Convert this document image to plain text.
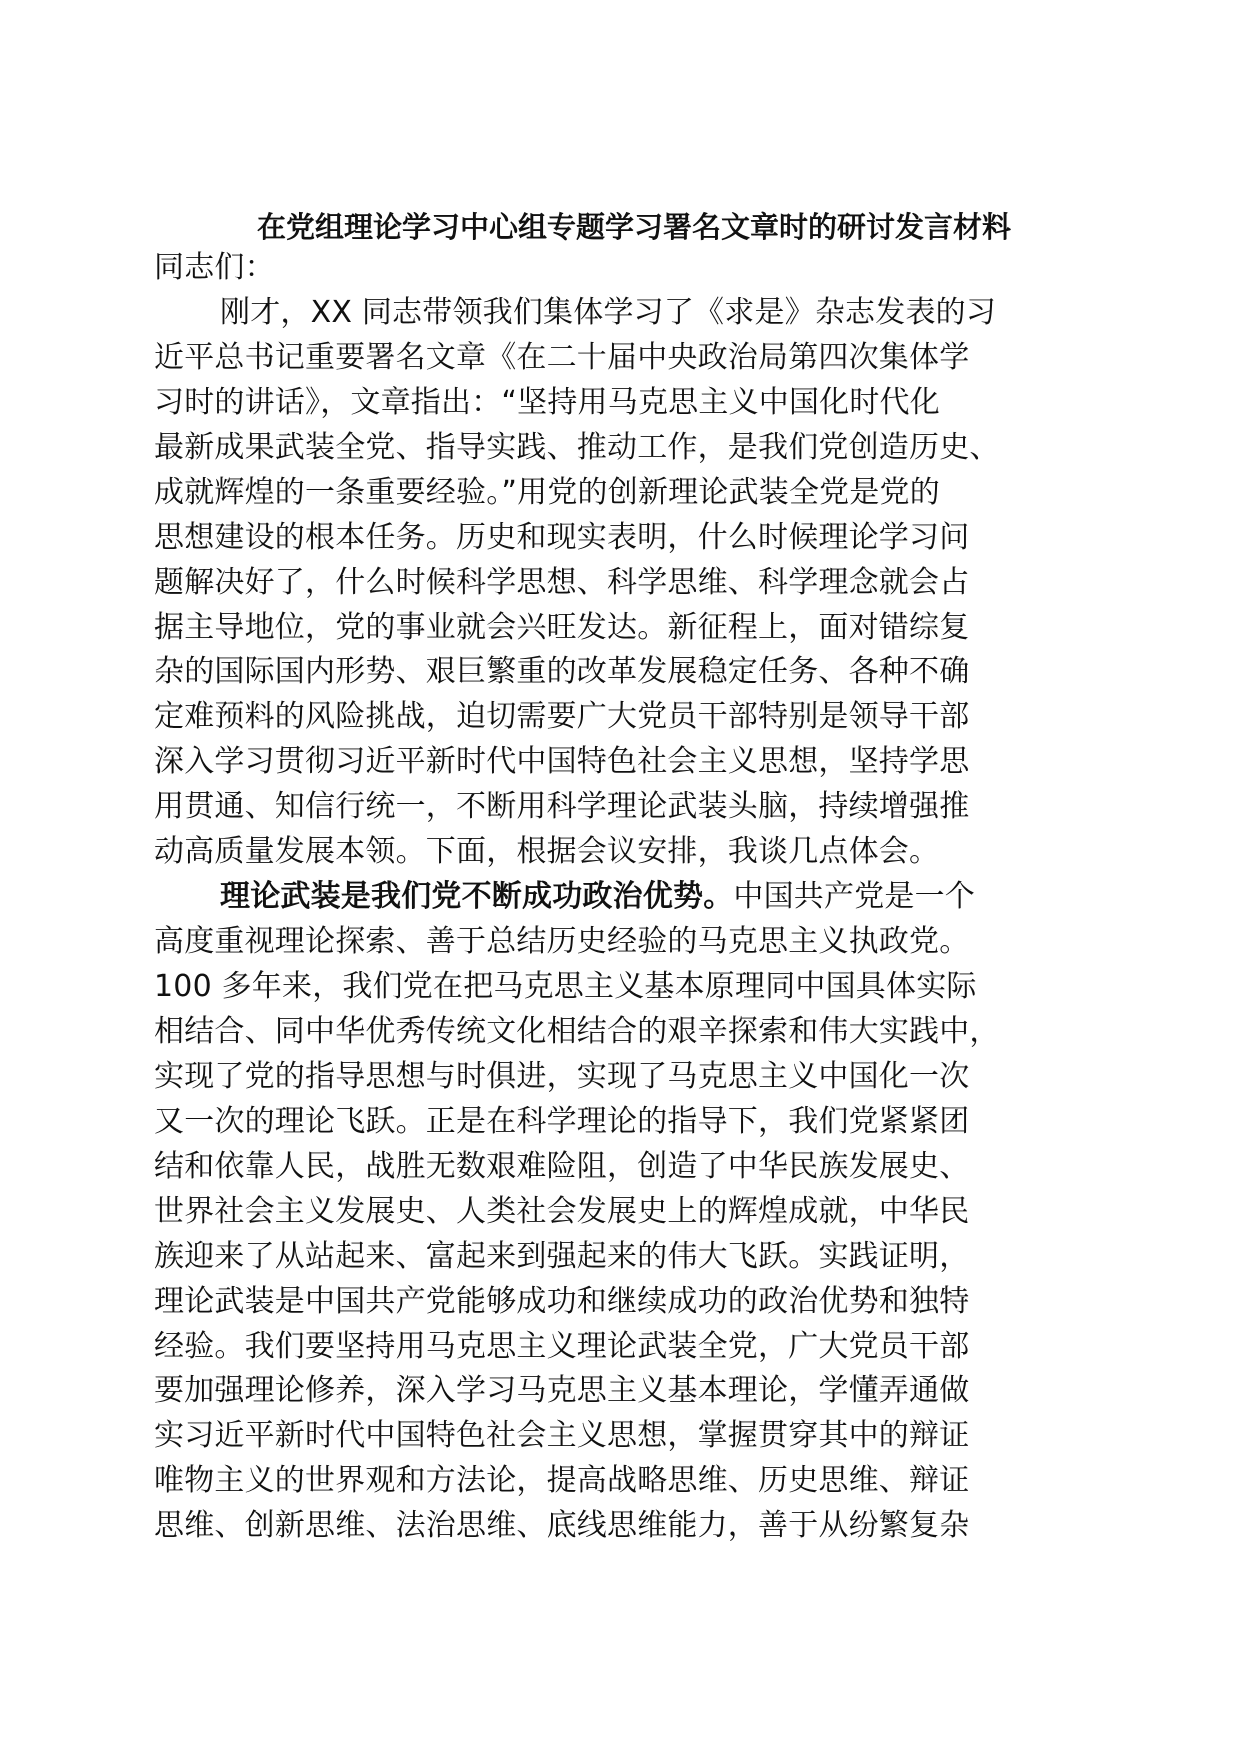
在党组理论学习中心组专题学习署名文章时的研讨发言材料
同志们：
刚才，XX 同志带领我们集体学习了《求是》杂志发表的习
近平总书记重要署名文章《在二十届中央政治局第四次集体学
习时的讲话》，文章指出：“坚持用马克思主义中国化时代化
最新成果武装全党、指导实践、推动工作，是我们党创造历史、
成就辉煌的一条重要经验。”用党的创新理论武装全党是党的
思想建设的根本任务。历史和现实表明，什么时候理论学习问
题解决好了，什么时候科学思想、科学思维、科学理念就会占
据主导地位，党的事业就会兴旺发达。新征程上，面对错综复
杂的国际国内形势、艰巨繁重的改革发展稳定任务、各种不确
定难预料的风险挑战，迫切需要广大党员干部特别是领导干部
深入学习贯彻习近平新时代中国特色社会主义思想，坚持学思
用贯通、知信行统一，不断用科学理论武装头脑，持续增强推
动高质量发展本领。下面，根据会议安排，我谈几点体会。
理论武装是我们党不断成功政治优势。中国共产党是一个
高度重视理论探索、善于总结历史经验的马克思主义执政党。
100 多年来，我们党在把马克思主义基本原理同中国具体实际
相结合、同中华优秀传统文化相结合的艰辛探索和伟大实践中，
实现了党的指导思想与时俱进，实现了马克思主义中国化一次
又一次的理论飞跃。正是在科学理论的指导下，我们党紧紧团
结和依靠人民，战胜无数艰难险阻，创造了中华民族发展史、
世界社会主义发展史、人类社会发展史上的辉煌成就，中华民
族迎来了从站起来、富起来到强起来的伟大飞跃。实践证明，
理论武装是中国共产党能够成功和继续成功的政治优势和独特
经验。我们要坚持用马克思主义理论武装全党，广大党员干部
要加强理论修养，深入学习马克思主义基本理论，学懂弄通做
实习近平新时代中国特色社会主义思想，掌握贯穿其中的辩证
唯物主义的世界观和方法论，提高战略思维、历史思维、辩证
思维、创新思维、法治思维、底线思维能力，善于从纷繁复杂
